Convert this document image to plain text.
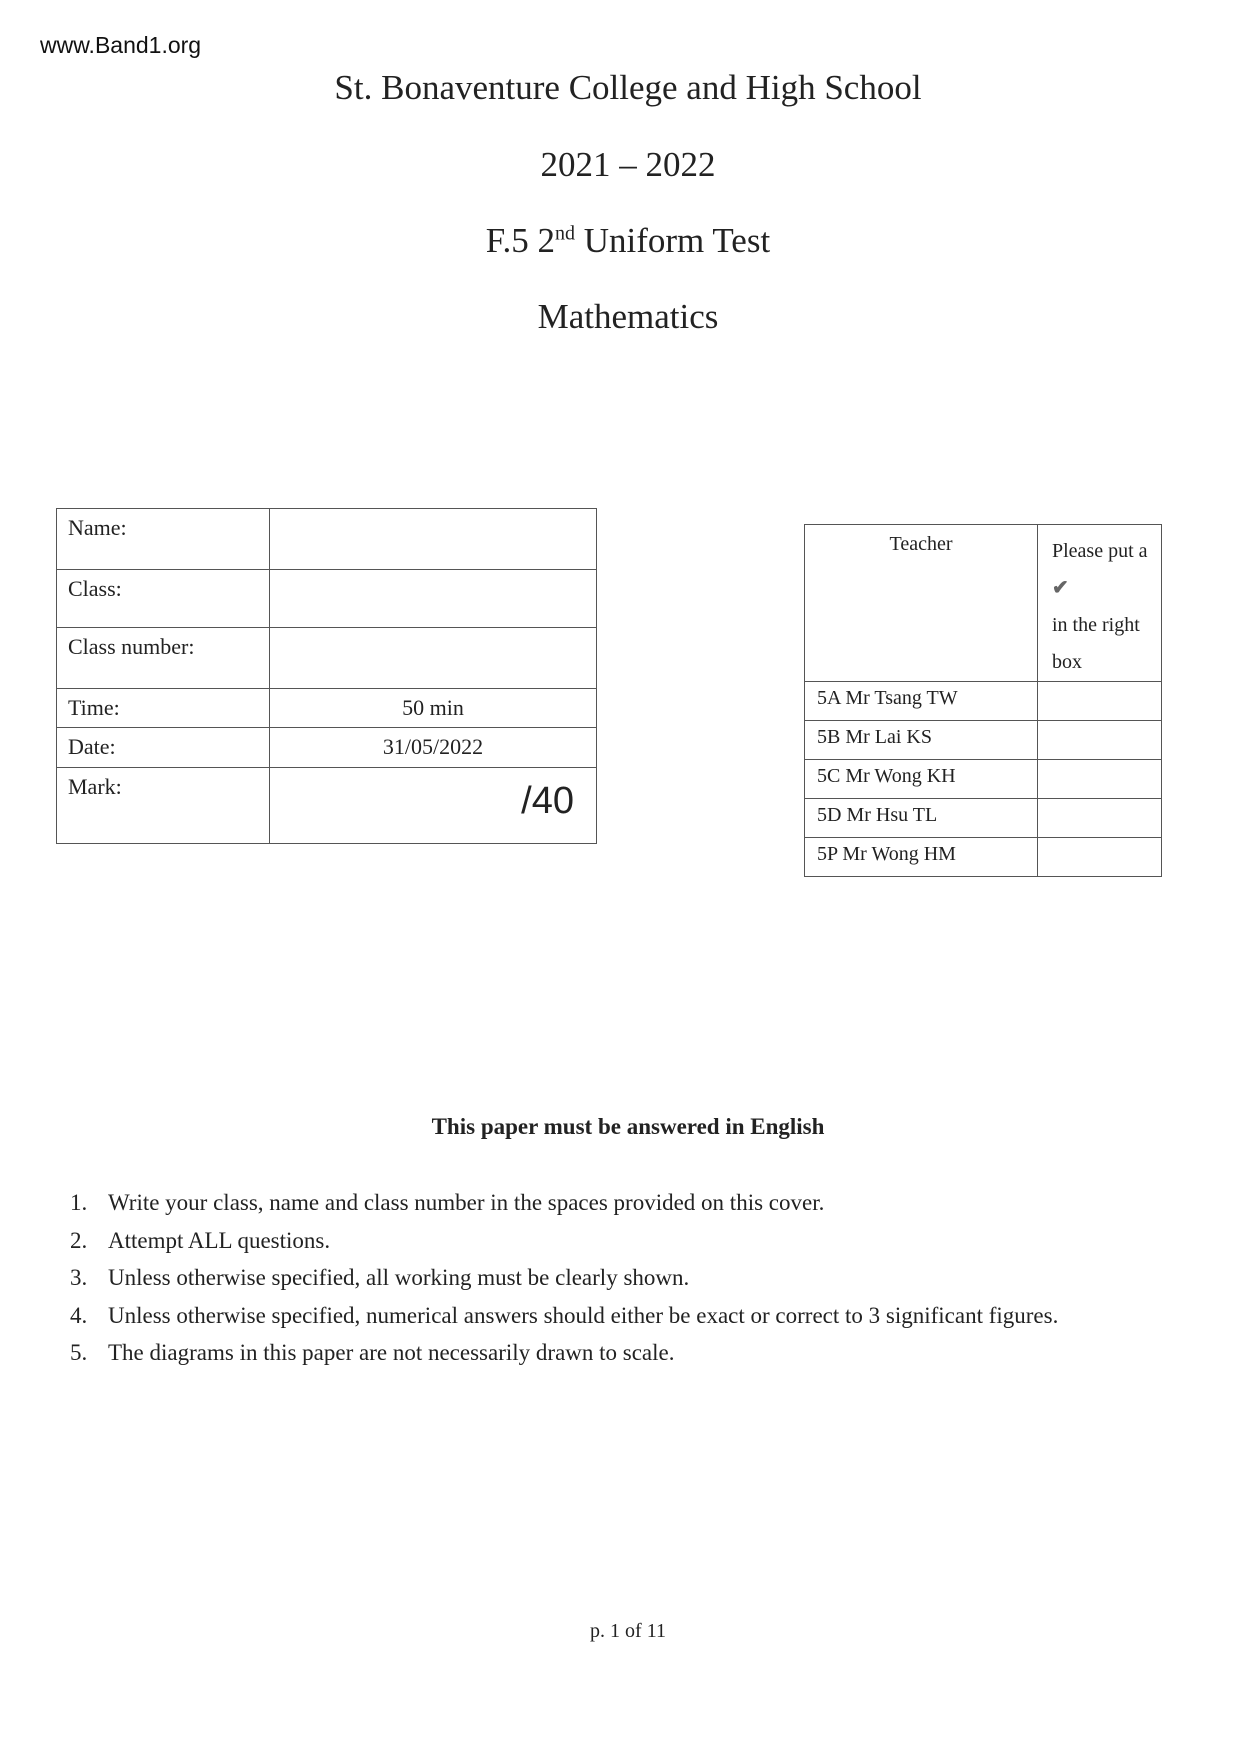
www.Band1.org
St. Bonaventure College and High School
2021 – 2022
F.5 2nd Uniform Test
Mathematics
Name:	
Class:	
Class number:	
Time:	50 min
Date:	31/05/2022
Mark:	/40
Teacher	Please put a ✔
in the right
box
5A Mr Tsang TW	
5B Mr Lai KS	
5C Mr Wong KH	
5D Mr Hsu TL	
5P Mr Wong HM	
This paper must be answered in English
1. Write your class, name and class number in the spaces provided on this cover.
2. Attempt ALL questions.
3. Unless otherwise specified, all working must be clearly shown.
4. Unless otherwise specified, numerical answers should either be exact or correct to 3 significant figures.
5. The diagrams in this paper are not necessarily drawn to scale.
p. 1 of 11
